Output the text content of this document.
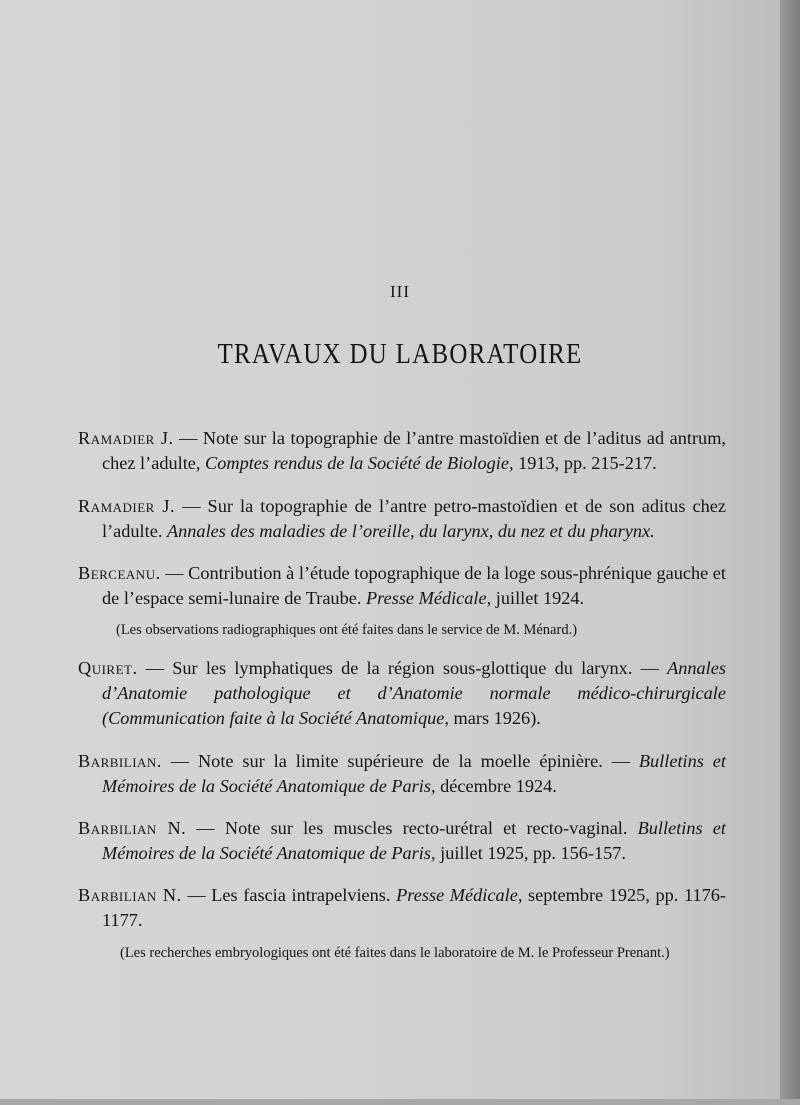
III
TRAVAUX DU LABORATOIRE
Ramadier J. — Note sur la topographie de l’antre mastoïdien et de l’aditus ad antrum, chez l’adulte, Comptes rendus de la Société de Biologie, 1913, pp. 215-217.
Ramadier J. — Sur la topographie de l’antre petro-mastoïdien et de son aditus chez l’adulte. Annales des maladies de l’oreille, du larynx, du nez et du pharynx.
Berceanu. — Contribution à l’étude topographique de la loge sous-phrénique gauche et de l’espace semi-lunaire de Traube. Presse Médicale, juillet 1924.
(Les observations radiographiques ont été faites dans le service de M. Ménard.)
Quiret. — Sur les lymphatiques de la région sous-glottique du larynx. — Annales d’Anatomie pathologique et d’Anatomie normale médico-chirurgicale (Communication faite à la Société Anatomique, mars 1926).
Barbilian. — Note sur la limite supérieure de la moelle épinière. — Bulletins et Mémoires de la Société Anatomique de Paris, décembre 1924.
Barbilian N. — Note sur les muscles recto-urétral et recto-vaginal. Bulletins et Mémoires de la Société Anatomique de Paris, juillet 1925, pp. 156-157.
Barbilian N. — Les fascia intrapelviens. Presse Médicale, septembre 1925, pp. 1176-1177.
(Les recherches embryologiques ont été faites dans le laboratoire de M. le Professeur Prenant.)
